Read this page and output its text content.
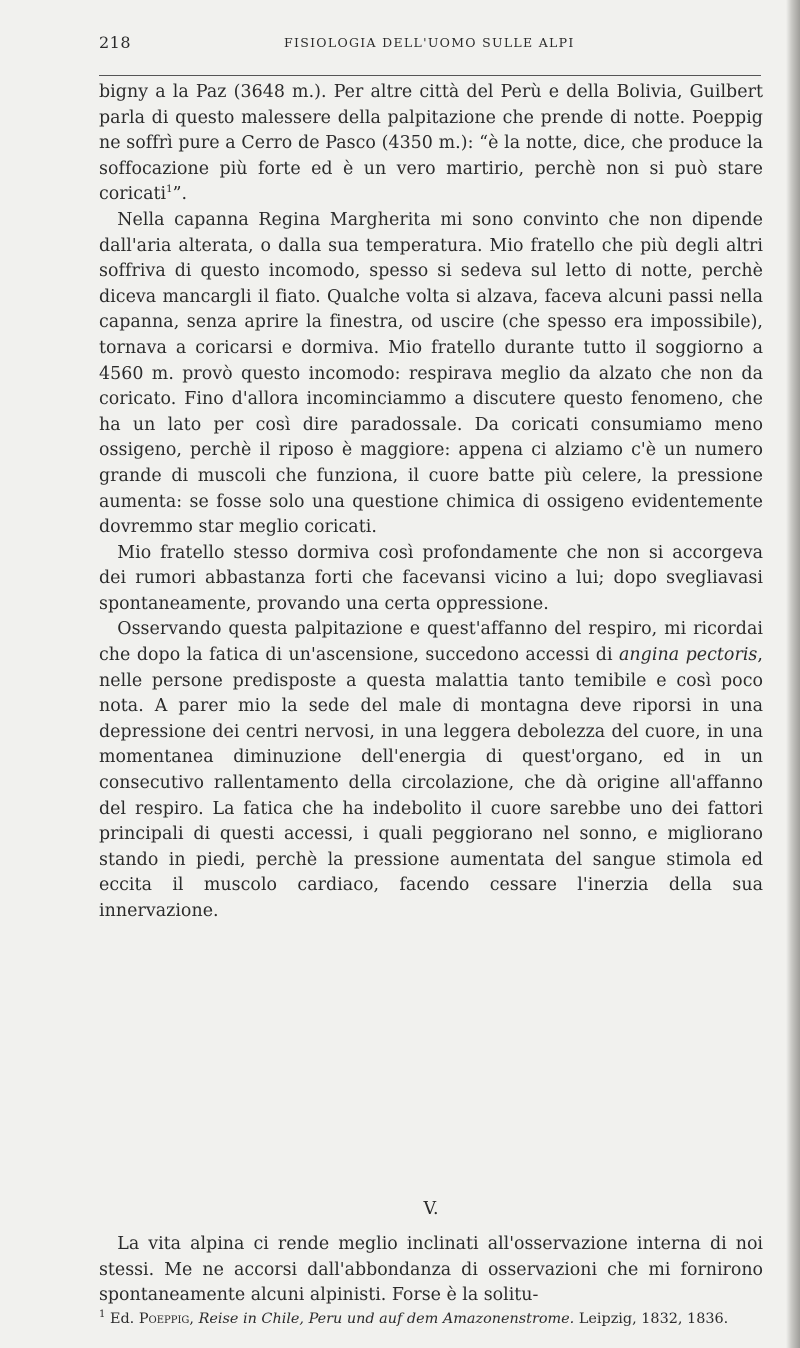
218	FISIOLOGIA DELL'UOMO SULLE ALPI

bigny a la Paz (3648 m.). Per altre città del Perù e della Bolivia, Guilbert parla di questo malessere della palpitazione che prende di notte. Poeppig ne soffrì pure a Cerro de Pasco (4350 m.): “è la notte, dice, che produce la soffocazione più forte ed è un vero martirio, perchè non si può stare coricati$^1$”.

Nella capanna Regina Margherita mi sono convinto che non dipende dall'aria alterata, o dalla sua temperatura. Mio fratello che più degli altri soffriva di questo incomodo, spesso si sedeva sul letto di notte, perchè diceva mancargli il fiato. Qualche volta si alzava, faceva alcuni passi nella capanna, senza aprire la finestra, od uscire (che spesso era impossibile), tornava a coricarsi e dormiva. Mio fratello durante tutto il soggiorno a 4560 m. provò questo incomodo: respirava meglio da alzato che non da coricato. Fino d'allora incominciammo a discutere questo fenomeno, che ha un lato per così dire paradossale. Da coricati consumiamo meno ossigeno, perchè il riposo è maggiore: appena ci alziamo c'è un numero grande di muscoli che funziona, il cuore batte più celere, la pressione aumenta: se fosse solo una questione chimica di ossigeno evidentemente dovremmo star meglio coricati.

Mio fratello stesso dormiva così profondamente che non si accorgeva dei rumori abbastanza forti che facevansi vicino a lui; dopo svegliavasi spontaneamente, provando una certa oppressione.

Osservando questa palpitazione e quest'affanno del respiro, mi ricordai che dopo la fatica di un'ascensione, succedono accessi di angina pectoris, nelle persone predisposte a questa malattia tanto temibile e così poco nota. A parer mio la sede del male di montagna deve riporsi in una depressione dei centri nervosi, in una leggera debolezza del cuore, in una momentanea diminuzione dell'energia di quest'organo, ed in un consecutivo rallentamento della circolazione, che dà origine all'affanno del respiro. La fatica che ha indebolito il cuore sarebbe uno dei fattori principali di questi accessi, i quali peggiorano nel sonno, e migliorano stando in piedi, perchè la pressione aumentata del sangue stimola ed eccita il muscolo cardiaco, facendo cessare l'inerzia della sua innervazione.

V.

La vita alpina ci rende meglio inclinati all'osservazione interna di noi stessi. Me ne accorsi dall'abbondanza di osservazioni che mi fornirono spontaneamente alcuni alpinisti. Forse è la solitu-

$^1$ Ed. Poeppig, Reise in Chile, Peru und auf dem Amazonenstrome. Leipzig, 1832, 1836.
